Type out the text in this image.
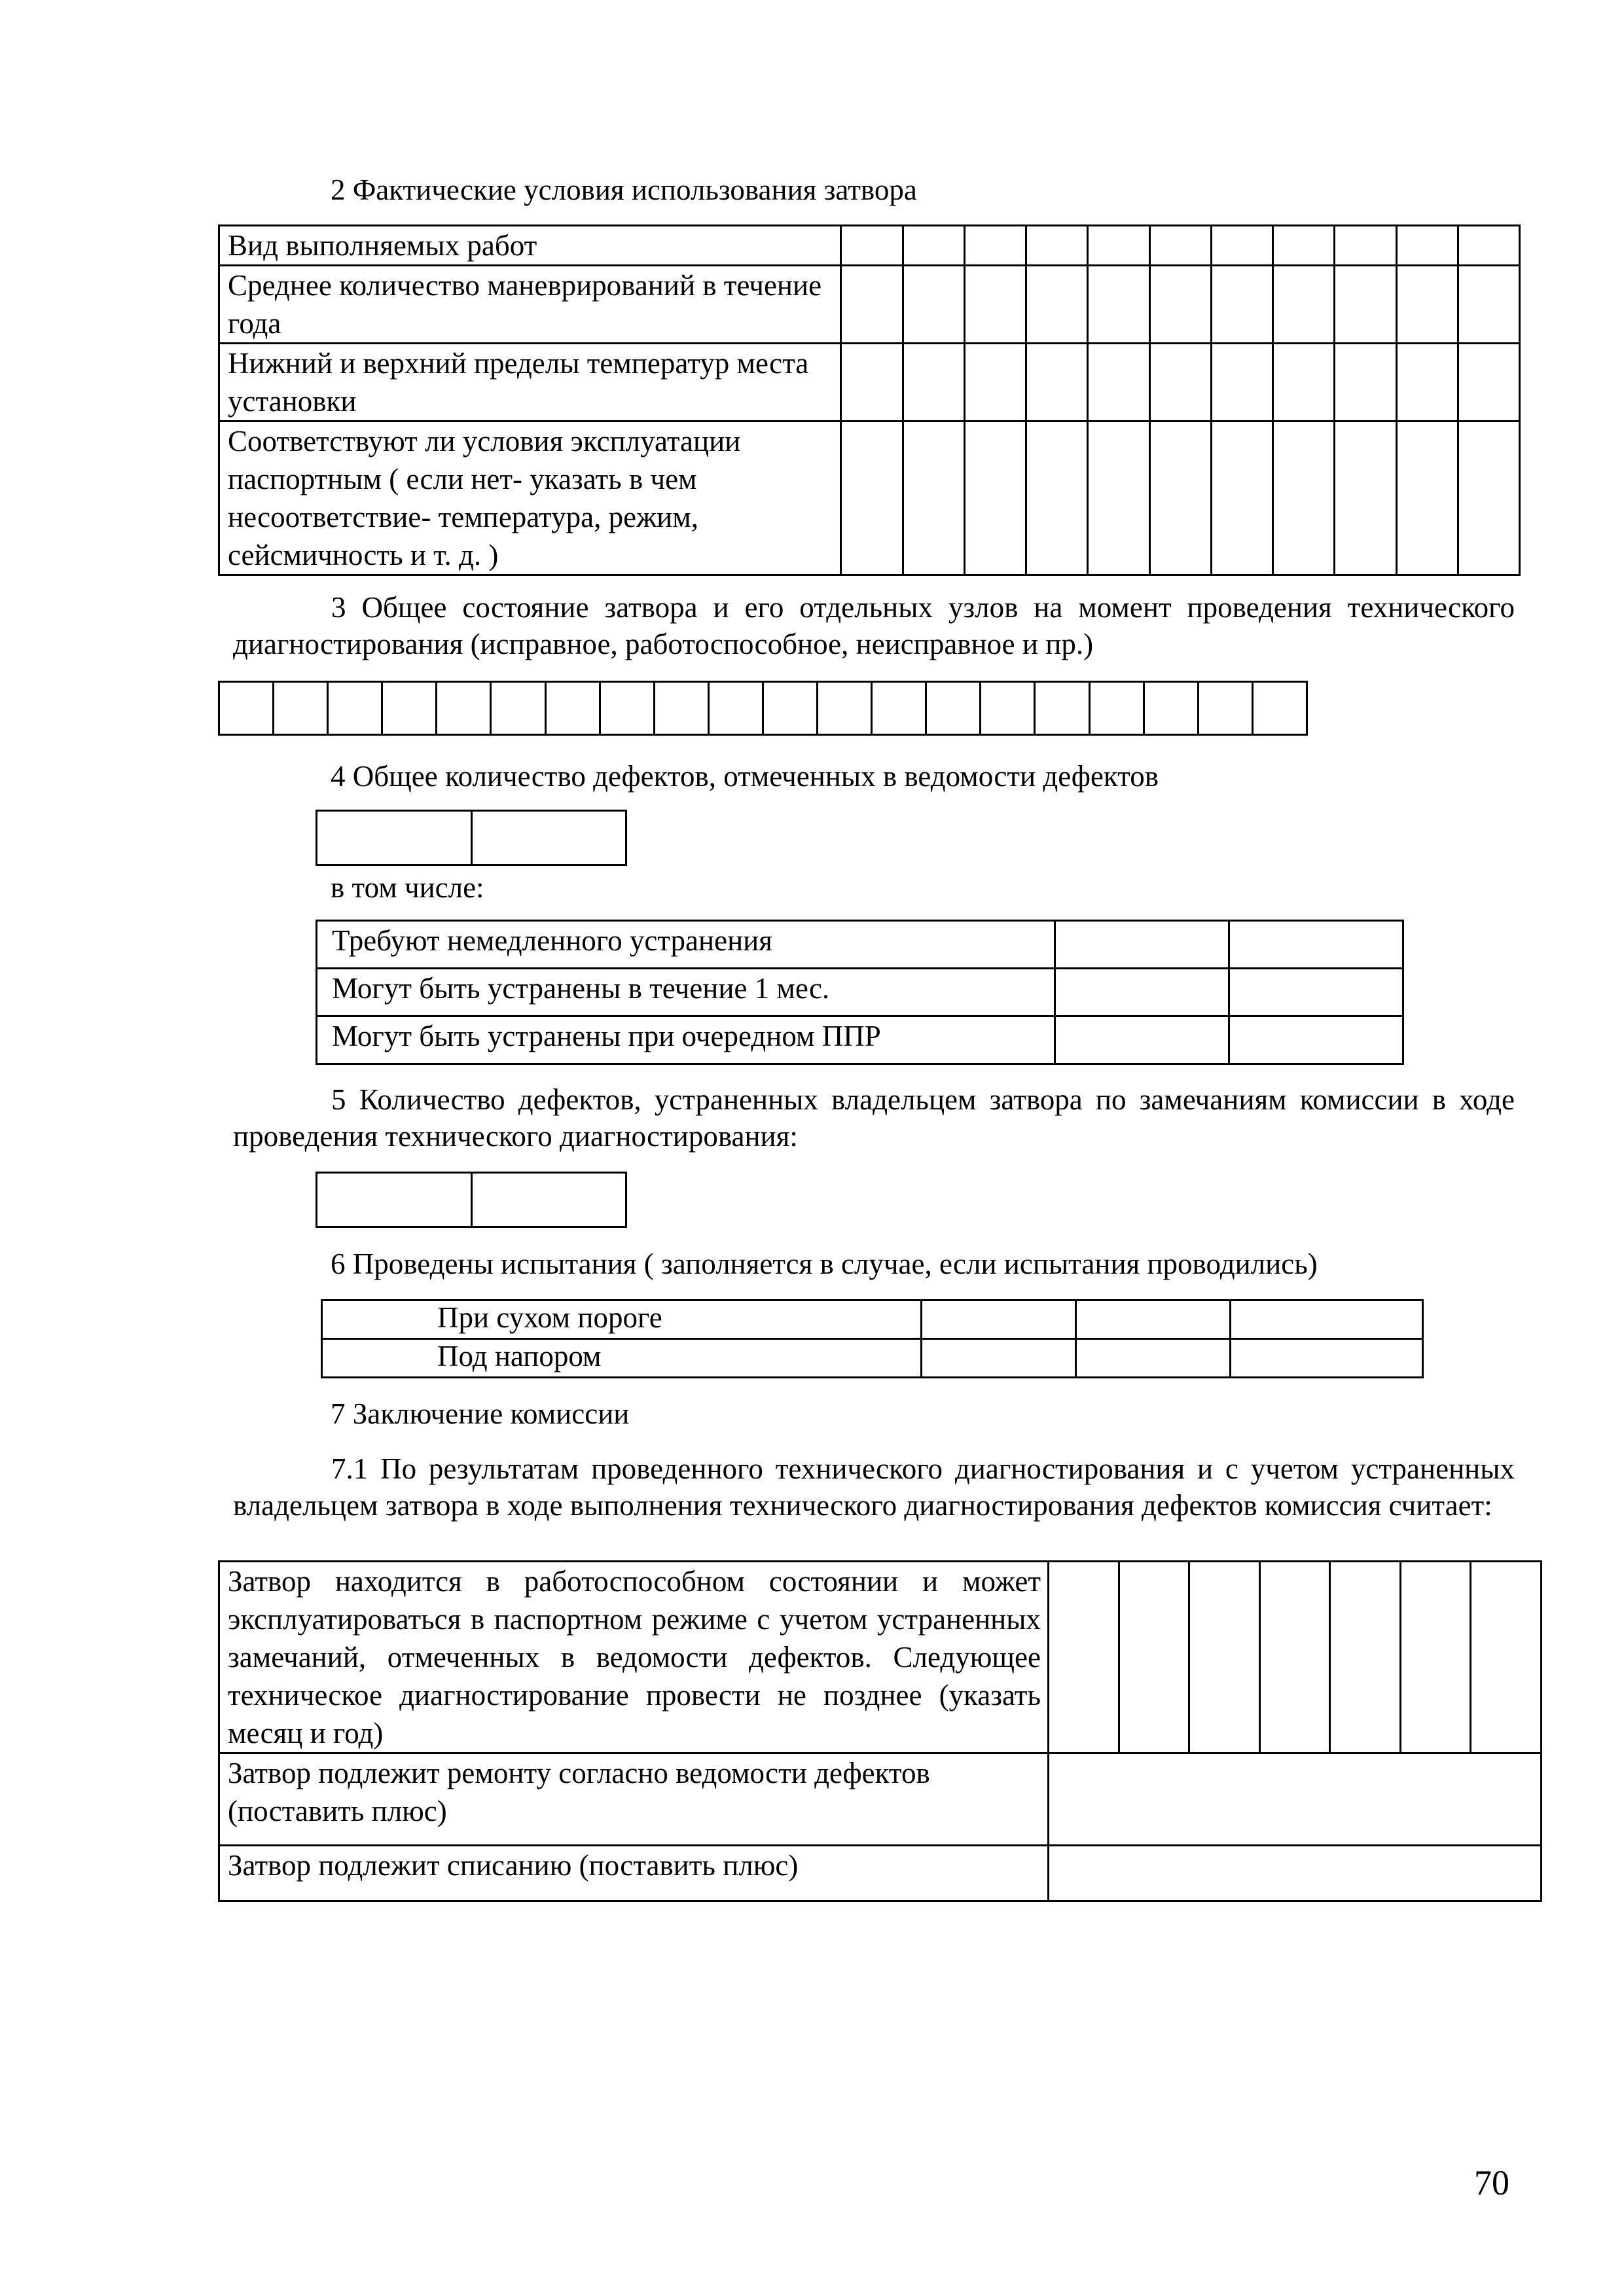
2 Фактические условия использования затвора
Вид выполняемых работ											
Среднее количество маневрирований в течение года											
Нижний и верхний пределы температур места установки											
Соответствуют ли условия эксплуатации паспортным ( если нет- указать в чем несоответствие- температура, режим, сейсмичность и т. д. )											
3 Общее состояние затвора и его отдельных узлов на момент проведения технического диагностирования (исправное, работоспособное, неисправное и пр.)

4 Общее количество дефектов, отмеченных в ведомости дефектов

в том числе:
Требуют немедленного устранения		
Могут быть устранены в течение 1 мес.		
Могут быть устранены при очередном ППР		
5 Количество дефектов, устраненных владельцем затвора по замечаниям комиссии в ходе проведения технического диагностирования:

6 Проведены испытания ( заполняется в случае, если испытания проводились)
При сухом пороге			
Под напором			
7 Заключение комиссии
7.1 По результатам проведенного технического диагностирования и с учетом устраненных владельцем затвора в ходе выполнения технического диагностирования дефектов комиссия считает:
Затвор находится в работоспособном состоянии и может эксплуатироваться в паспортном режиме с учетом устраненных замечаний, отмеченных в ведомости дефектов. Следующее техническое диагностирование провести не позднее (указать месяц и год)							
Затвор подлежит ремонту согласно ведомости дефектов (поставить плюс)							
Затвор подлежит списанию (поставить плюс)							
70
